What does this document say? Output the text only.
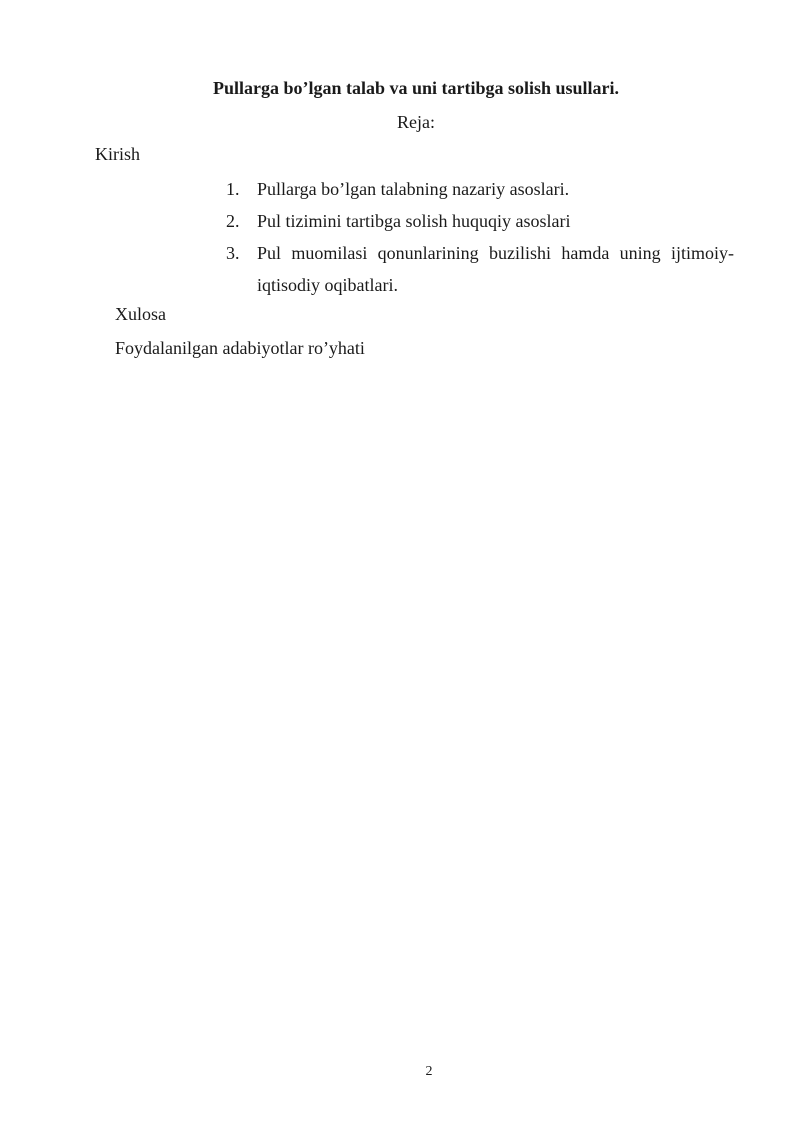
Pullarga bo’lgan talab va uni tartibga solish usullari.
Reja:
Kirish
1. Pullarga bo’lgan talabning nazariy asoslari.
2. Pul tizimini tartibga solish huquqiy asoslari
3. Pul muomilasi qonunlarining buzilishi hamda uning ijtimoiy-iqtisodiy oqibatlari.
Xulosa
Foydalanilgan adabiyotlar ro’yhati
2
